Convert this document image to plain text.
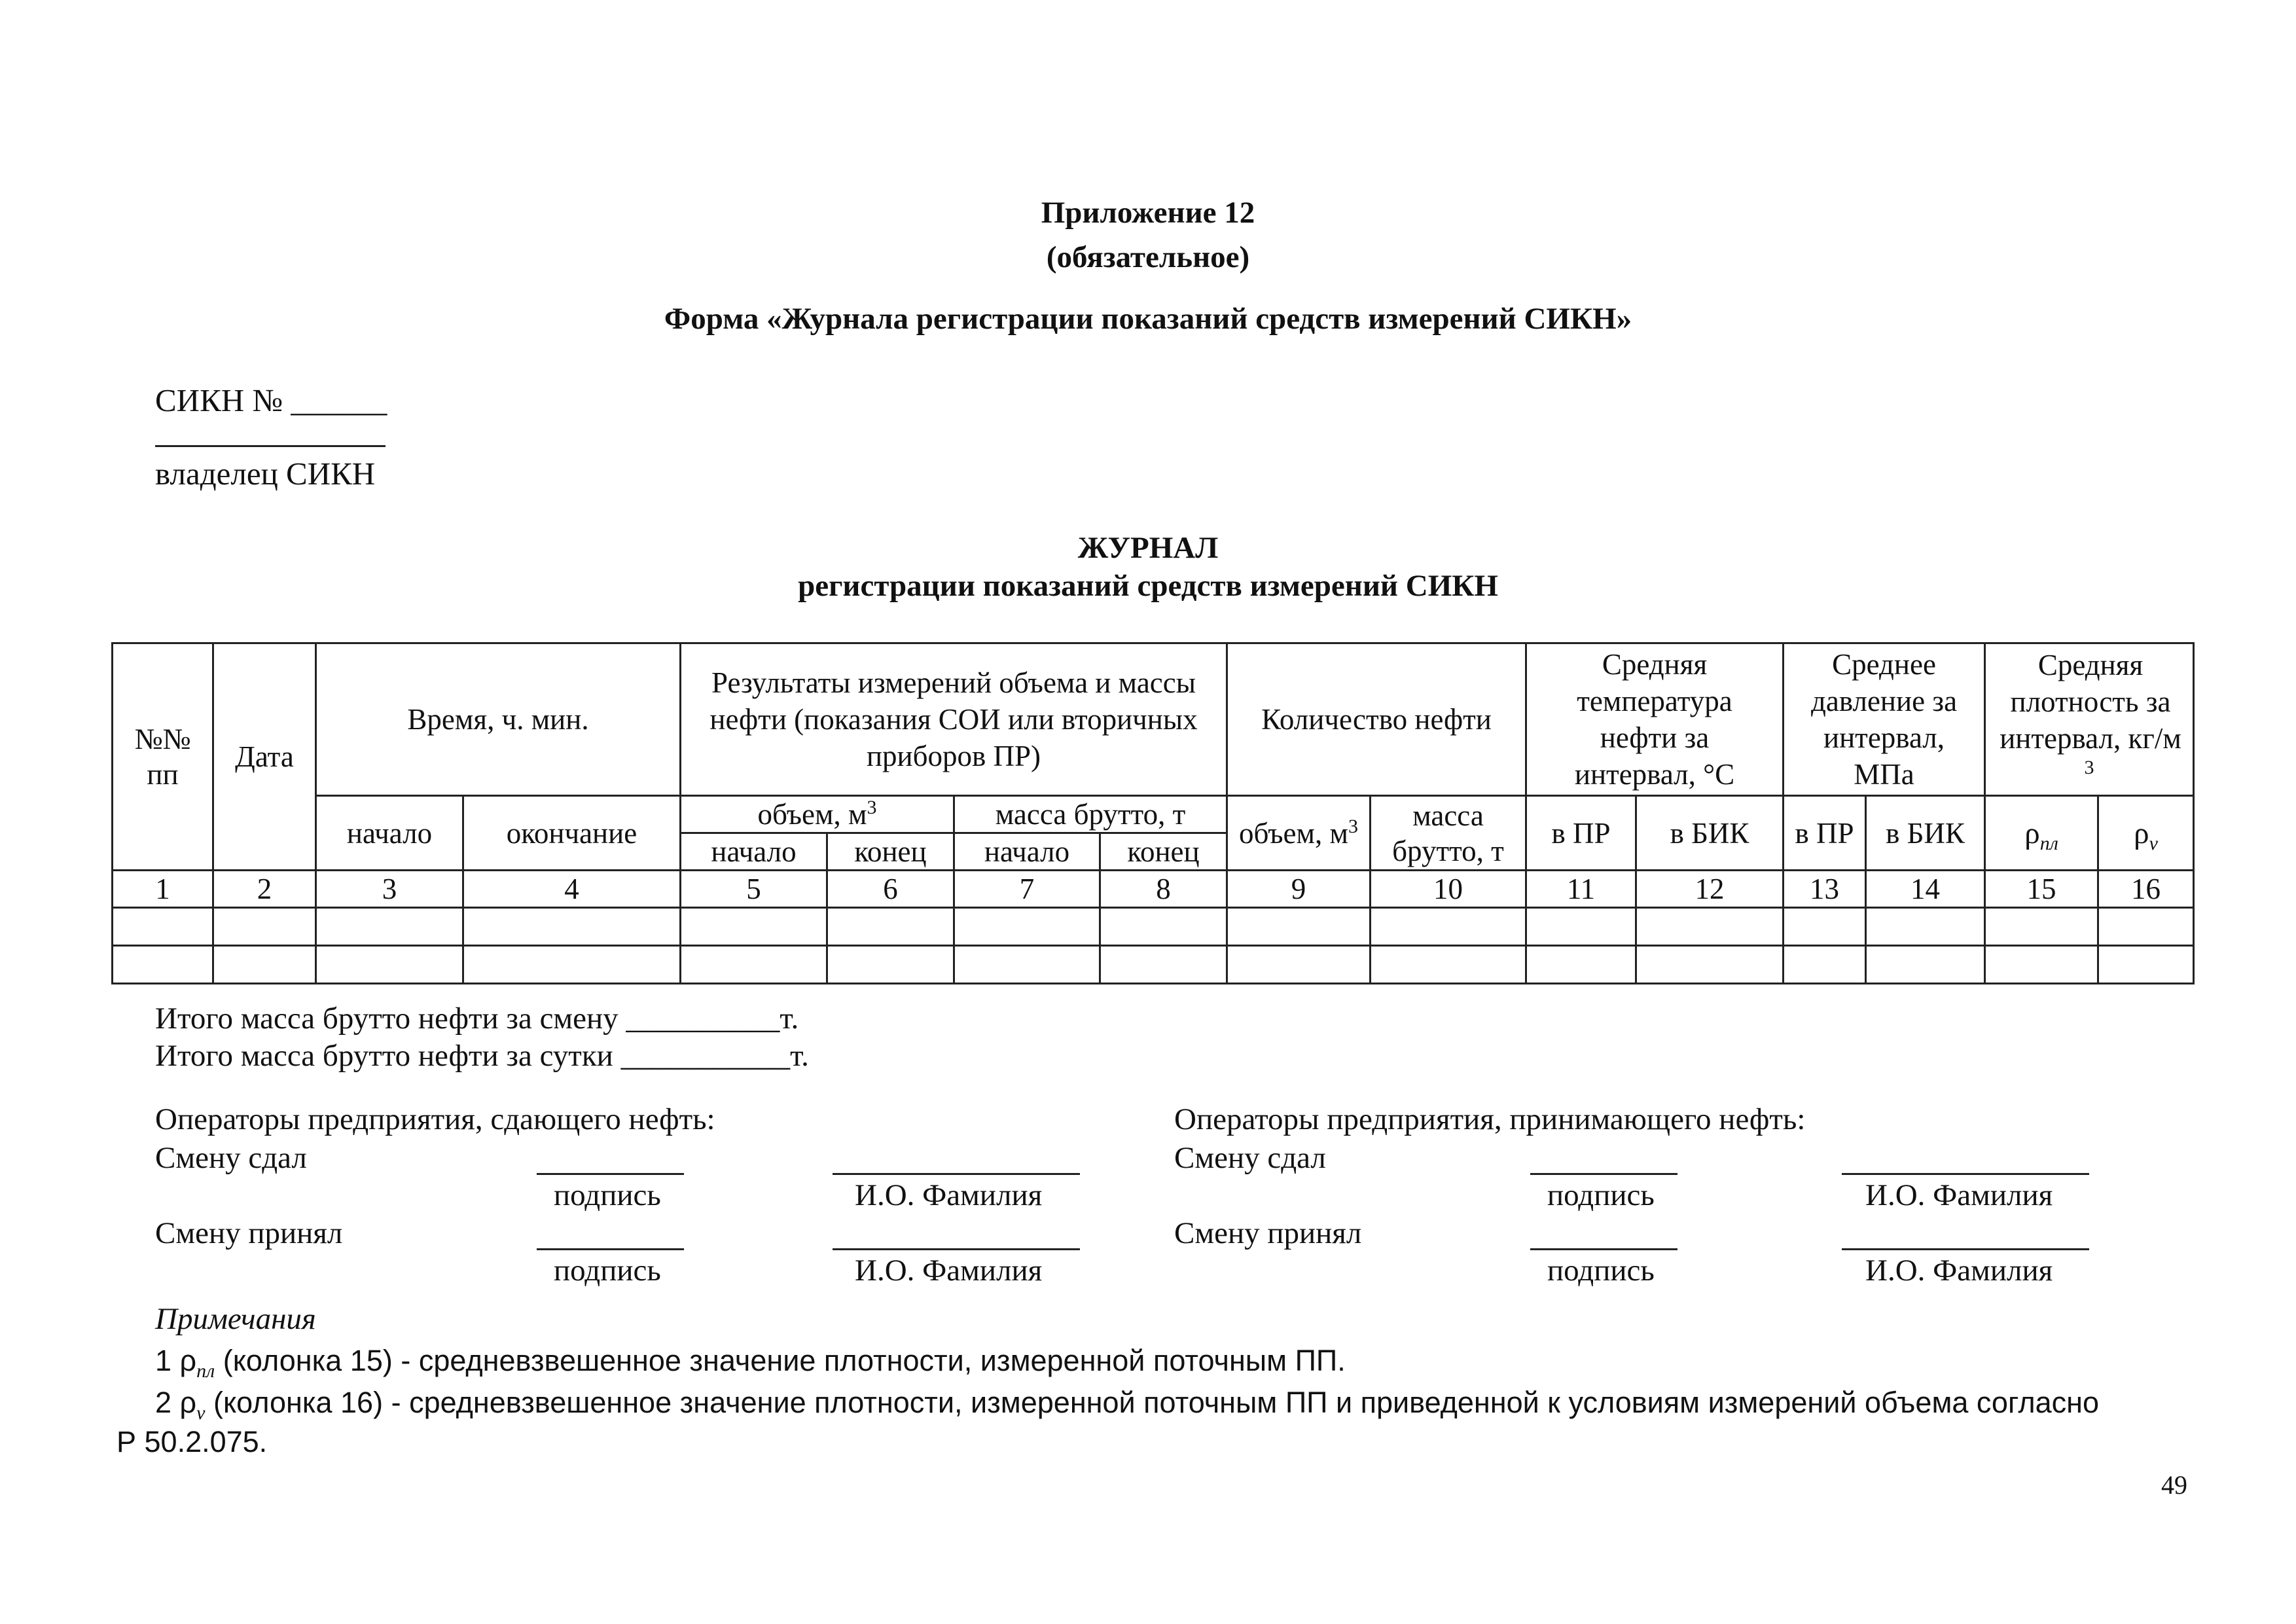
Приложение 12
(обязательное)
Форма «Журнала регистрации показаний средств измерений СИКН»
СИКН № ______
владелец СИКН
ЖУРНАЛ
регистрации показаний средств измерений СИКН
№№ пп	Дата	Время, ч. мин.		Результаты измерений объема и массы нефти (показания СОИ или вторичных приборов ПР)				Количество нефти		Средняя температура нефти за интервал, °С		Среднее давление за интервал, МПа		Средняя плотность за интервал, $кг/м^3$
		начало	окончание	объем, $м^3$		масса брутто, т		объем, $м^3$	масса брутто, т	в ПР	в БИК	в ПР	в БИК	$\rho_{пл}$	$\rho_v$
				начало	конец	начало	конец								
1	2	3	4	5	6	7	8	9	10	11	12	13	14	15	16

Итого масса брутто нефти за смену __________т.
Итого масса брутто нефти за сутки ___________т.
Операторы предприятия, сдающего нефть:
Смену сдал
подпись	И.О. Фамилия
Смену принял
подпись	И.О. Фамилия
Операторы предприятия, принимающего нефть:
Смену сдал
подпись	И.О. Фамилия
Смену принял
подпись	И.О. Фамилия
Примечания
1 $\rho_{пл}$ (колонка 15) - средневзвешенное значение плотности, измеренной поточным ПП.
2 $\rho_v$ (колонка 16) - средневзвешенное значение плотности, измеренной поточным ПП и приведенной к условиям измерений объема согласно
Р 50.2.075.
49
